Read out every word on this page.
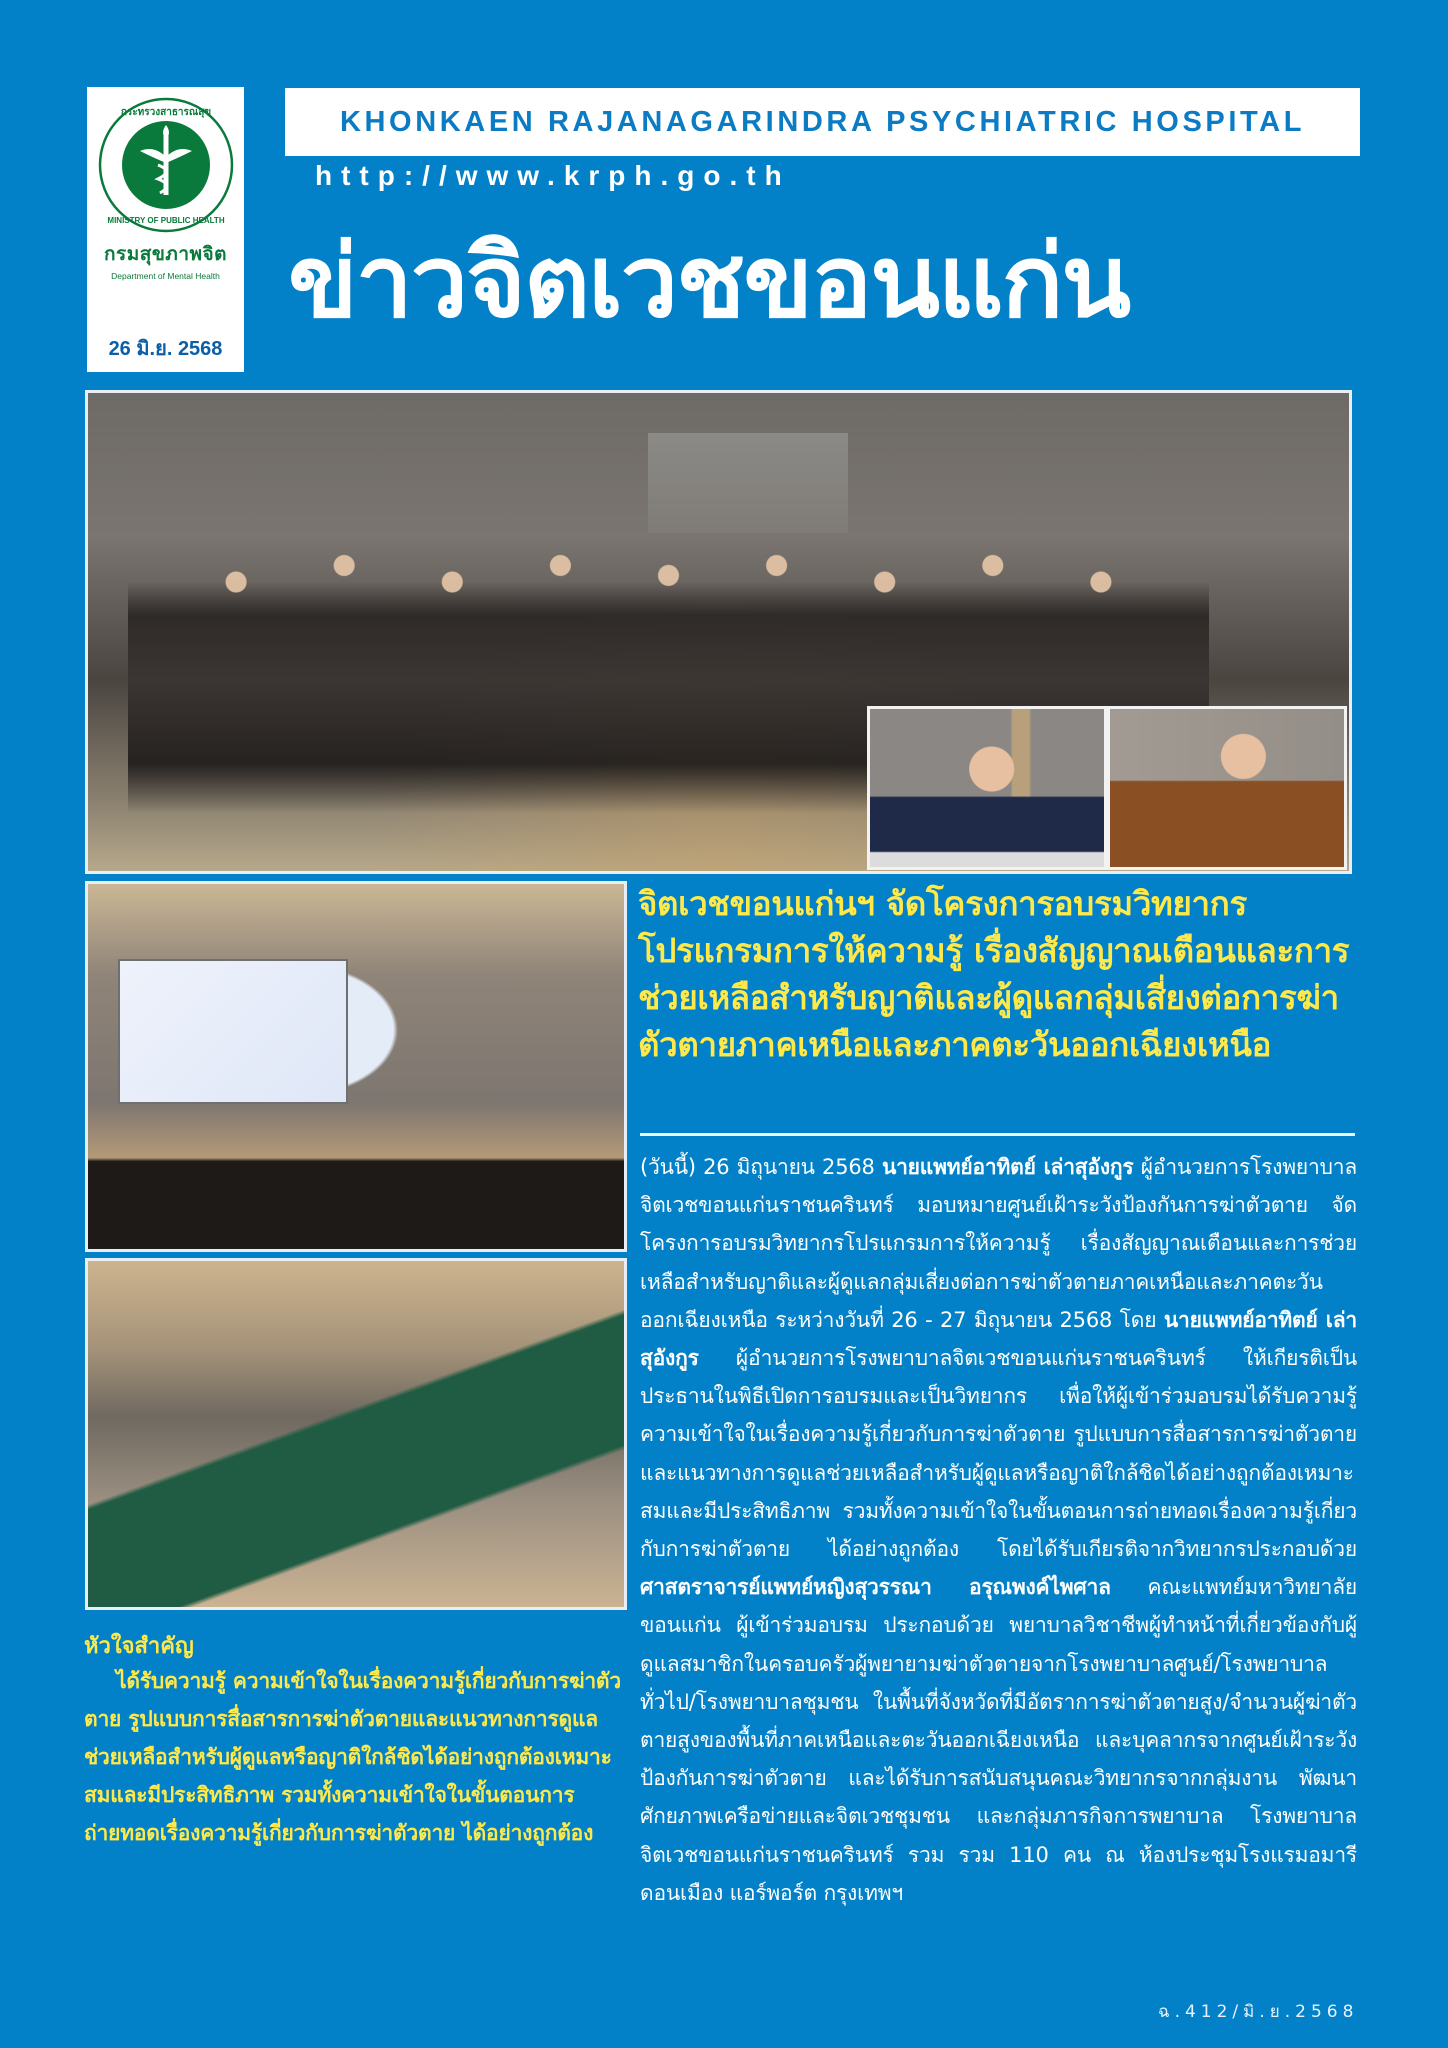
กระทรวงสาธารณสุข
MINISTRY OF PUBLIC HEALTH
กรมสุขภาพจิต
Department of Mental Health
26 มิ.ย. 2568
KHONKAEN RAJANAGARINDRA PSYCHIATRIC HOSPITAL
http://www.krph.go.th
ข่าวจิตเวชขอนแก่น
จิตเวชขอนแก่นฯ จัดโครงการอบรมวิทยากรโปรแกรมการให้ความรู้ เรื่องสัญญาณเตือนและการช่วยเหลือสำหรับญาติและผู้ดูแลกลุ่มเสี่ยงต่อการฆ่าตัวตายภาคเหนือและภาคตะวันออกเฉียงเหนือ
(วันนี้) 26 มิถุนายน 2568 นายแพทย์อาทิตย์ เล่าสุอังกูร ผู้อำนวยการโรงพยาบาลจิตเวชขอนแก่นราชนครินทร์ มอบหมายศูนย์เฝ้าระวังป้องกันการฆ่าตัวตาย จัดโครงการอบรมวิทยากรโปรแกรมการให้ความรู้ เรื่องสัญญาณเตือนและการช่วยเหลือสำหรับญาติและผู้ดูแลกลุ่มเสี่ยงต่อการฆ่าตัวตายภาคเหนือและภาคตะวันออกเฉียงเหนือ ระหว่างวันที่ 26 - 27 มิถุนายน 2568 โดย นายแพทย์อาทิตย์ เล่าสุอังกูร ผู้อำนวยการโรงพยาบาลจิตเวชขอนแก่นราชนครินทร์ ให้เกียรติเป็นประธานในพิธีเปิดการอบรมและเป็นวิทยากร เพื่อให้ผู้เข้าร่วมอบรมได้รับความรู้ ความเข้าใจในเรื่องความรู้เกี่ยวกับการฆ่าตัวตาย รูปแบบการสื่อสารการฆ่าตัวตายและแนวทางการดูแลช่วยเหลือสำหรับผู้ดูแลหรือญาติใกล้ชิดได้อย่างถูกต้องเหมาะสมและมีประสิทธิภาพ รวมทั้งความเข้าใจในขั้นตอนการถ่ายทอดเรื่องความรู้เกี่ยวกับการฆ่าตัวตาย ได้อย่างถูกต้อง โดยได้รับเกียรติจากวิทยากรประกอบด้วย ศาสตราจารย์แพทย์หญิงสุวรรณา อรุณพงค์ไพศาล คณะแพทย์มหาวิทยาลัยขอนแก่น ผู้เข้าร่วมอบรม ประกอบด้วย พยาบาลวิชาชีพผู้ทำหน้าที่เกี่ยวข้องกับผู้ดูแลสมาชิกในครอบครัวผู้พยายามฆ่าตัวตายจากโรงพยาบาลศูนย์/โรงพยาบาลทั่วไป/โรงพยาบาลชุมชน ในพื้นที่จังหวัดที่มีอัตราการฆ่าตัวตายสูง/จำนวนผู้ฆ่าตัวตายสูงของพื้นที่ภาคเหนือและตะวันออกเฉียงเหนือ และบุคลากรจากศูนย์เฝ้าระวังป้องกันการฆ่าตัวตาย และได้รับการสนับสนุนคณะวิทยากรจากกลุ่มงาน พัฒนาศักยภาพเครือข่ายและจิตเวชชุมชน และกลุ่มภารกิจการพยาบาล โรงพยาบาลจิตเวชขอนแก่นราชนครินทร์ รวม รวม 110 คน ณ ห้องประชุมโรงแรมอมารี ดอนเมือง แอร์พอร์ต กรุงเทพฯ
หัวใจสำคัญ
ได้รับความรู้ ความเข้าใจในเรื่องความรู้เกี่ยวกับการฆ่าตัวตาย รูปแบบการสื่อสารการฆ่าตัวตายและแนวทางการดูแลช่วยเหลือสำหรับผู้ดูแลหรือญาติใกล้ชิดได้อย่างถูกต้องเหมาะสมและมีประสิทธิภาพ รวมทั้งความเข้าใจในขั้นตอนการถ่ายทอดเรื่องความรู้เกี่ยวกับการฆ่าตัวตาย ได้อย่างถูกต้อง
ฉ.412/มิ.ย.2568
